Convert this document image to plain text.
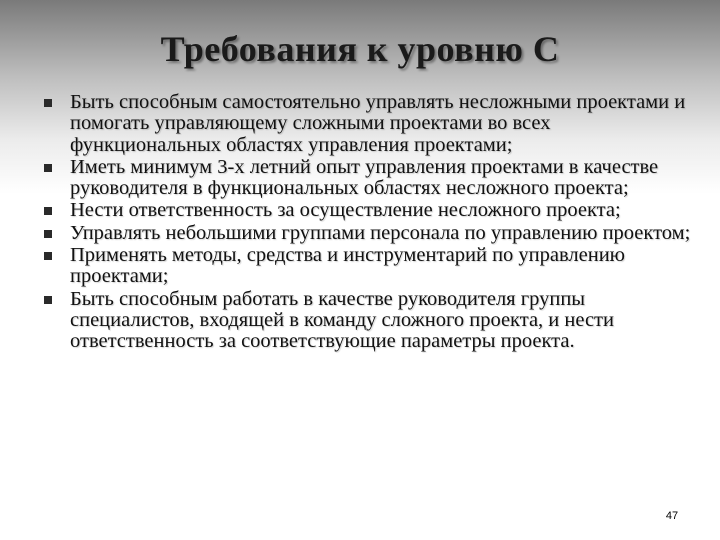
Требования к уровню С
Быть способным самостоятельно управлять несложными проектами и помогать управляющему сложными проектами во всех функциональных областях управления проектами;
Иметь минимум 3-х летний опыт управления проектами в качестве руководителя в функциональных областях несложного проекта;
Нести ответственность за осуществление несложного проекта;
Управлять небольшими группами персонала по управлению проектом;
Применять методы, средства и инструментарий по управлению проектами;
Быть способным работать в качестве руководителя группы специалистов, входящей в команду сложного проекта, и нести ответственность за соответствующие параметры проекта.
47
